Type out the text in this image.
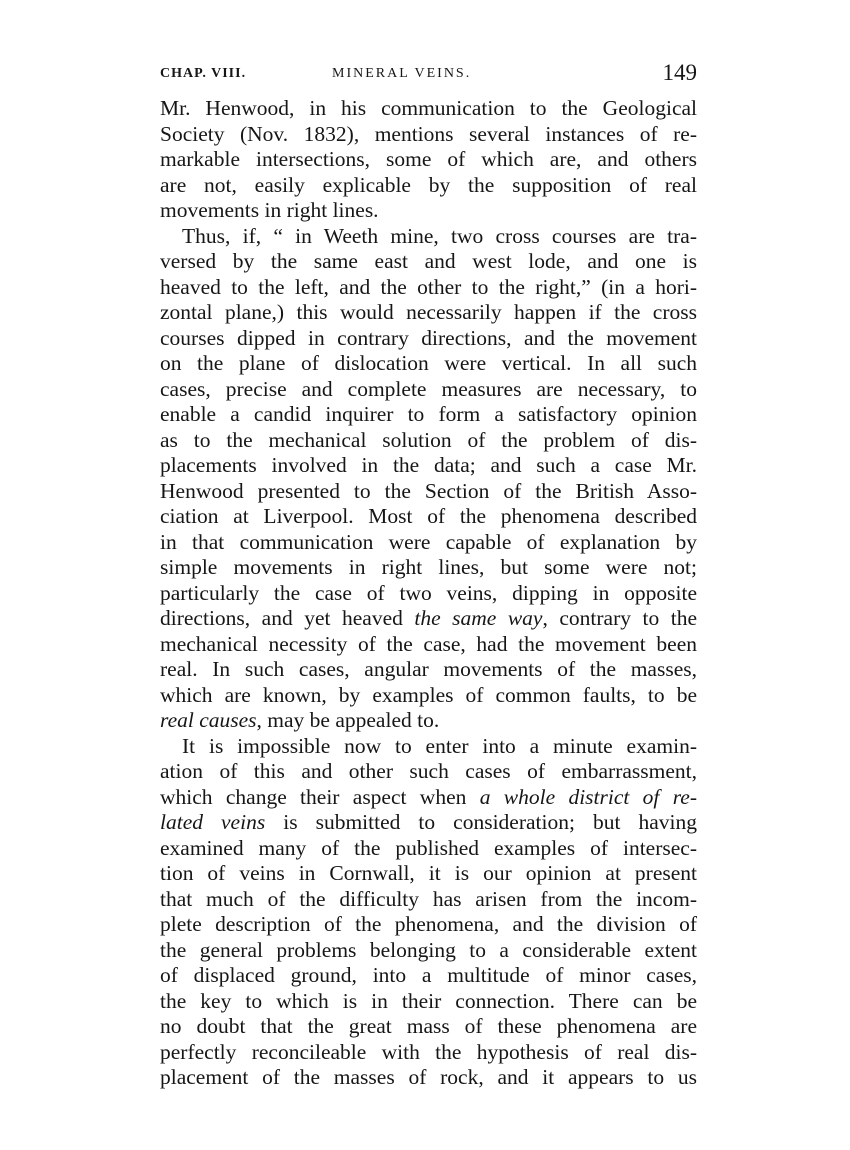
CHAP. VIII.	MINERAL VEINS.	149
Mr. Henwood, in his communication to the Geological
Society (Nov. 1832), mentions several instances of re-
markable intersections, some of which are, and others
are not, easily explicable by the supposition of real
movements in right lines.
Thus, if, “ in Weeth mine, two cross courses are tra-
versed by the same east and west lode, and one is
heaved to the left, and the other to the right,” (in a hori-
zontal plane,) this would necessarily happen if the cross
courses dipped in contrary directions, and the movement
on the plane of dislocation were vertical. In all such
cases, precise and complete measures are necessary, to
enable a candid inquirer to form a satisfactory opinion
as to the mechanical solution of the problem of dis-
placements involved in the data; and such a case Mr.
Henwood presented to the Section of the British Asso-
ciation at Liverpool. Most of the phenomena described
in that communication were capable of explanation by
simple movements in right lines, but some were not;
particularly the case of two veins, dipping in opposite
directions, and yet heaved the same way, contrary to the
mechanical necessity of the case, had the movement been
real. In such cases, angular movements of the masses,
which are known, by examples of common faults, to be
real causes, may be appealed to.
It is impossible now to enter into a minute examin-
ation of this and other such cases of embarrassment,
which change their aspect when a whole district of re-
lated veins is submitted to consideration; but having
examined many of the published examples of intersec-
tion of veins in Cornwall, it is our opinion at present
that much of the difficulty has arisen from the incom-
plete description of the phenomena, and the division of
the general problems belonging to a considerable extent
of displaced ground, into a multitude of minor cases,
the key to which is in their connection. There can be
no doubt that the great mass of these phenomena are
perfectly reconcileable with the hypothesis of real dis-
placement of the masses of rock, and it appears to us
